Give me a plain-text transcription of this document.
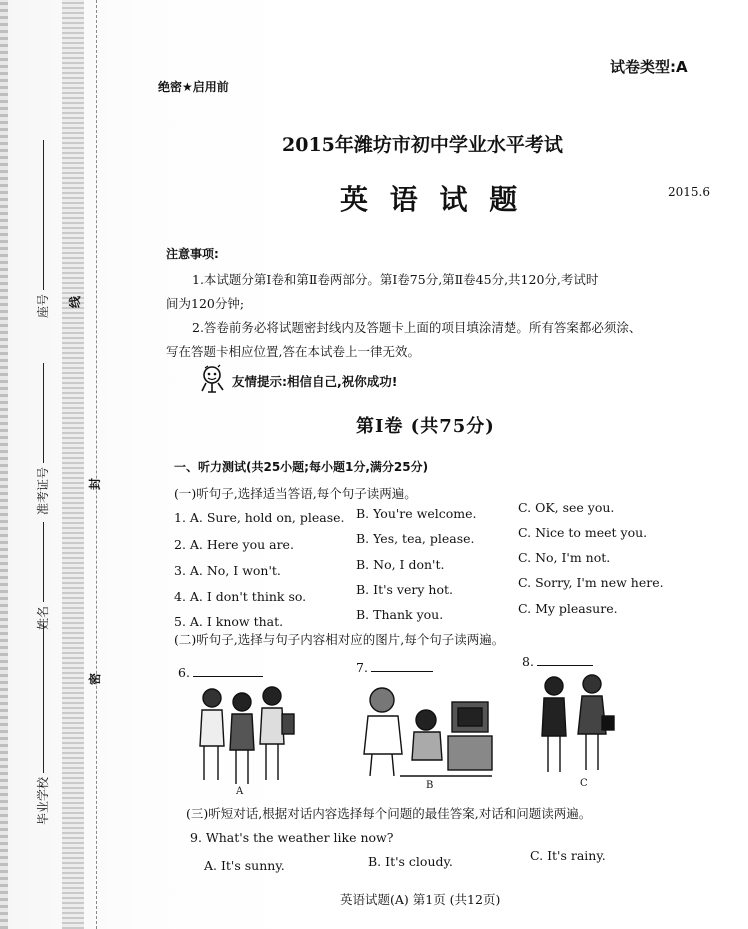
座号
准考证号
姓名
毕业学校
线
封
密
试卷类型:A
绝密★启用前
2015年潍坊市初中学业水平考试
英 语 试 题	2015.6
注意事项:
1.本试题分第Ⅰ卷和第Ⅱ卷两部分。第Ⅰ卷75分,第Ⅱ卷45分,共120分,考试时
间为120分钟;
2.答卷前务必将试题密封线内及答题卡上面的项目填涂清楚。所有答案都必须涂、
写在答题卡相应位置,答在本试卷上一律无效。
友情提示:相信自己,祝你成功!
第Ⅰ卷 (共75分)
一、听力测试(共25小题;每小题1分,满分25分)
(一)听句子,选择适当答语,每个句子读两遍。
1. A. Sure, hold on, please. B. You're welcome.	C. OK, see you.
2. A. Here you are.	B. Yes, tea, please.	C. Nice to meet you.
3. A. No, I won't.	B. No, I don't.	C. No, I'm not.
4. A. I don't think so.	B. It's very hot.	C. Sorry, I'm new here.
5. A. I know that.	B. Thank you.	C. My pleasure.
(二)听句子,选择与句子内容相对应的图片,每个句子读两遍。
6.	7.	8.
A
B	C
(三)听短对话,根据对话内容选择每个问题的最佳答案,对话和问题读两遍。
9. What's the weather like now?
A. It's sunny.	B. It's cloudy.	C. It's rainy.
英语试题(A) 第1页 (共12页)
